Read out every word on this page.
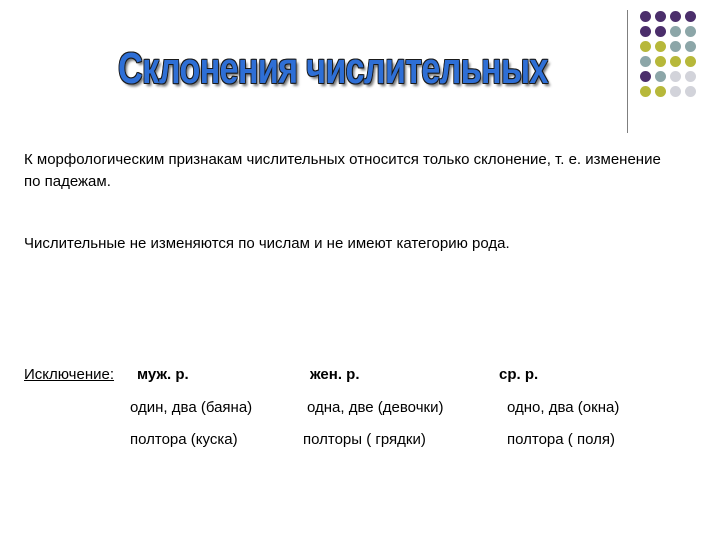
Склонения числительных
К морфологическим признакам числительных относится только склонение, т. е. изменение по падежам.
Числительные не изменяются по числам и не имеют категорию рода.
Исключение: муж. р.	жен. р.	ср. р.
один, два (баяна)	одна, две (девочки)	одно, два (окна)
полтора (куска)	полторы ( грядки)	полтора ( поля)
